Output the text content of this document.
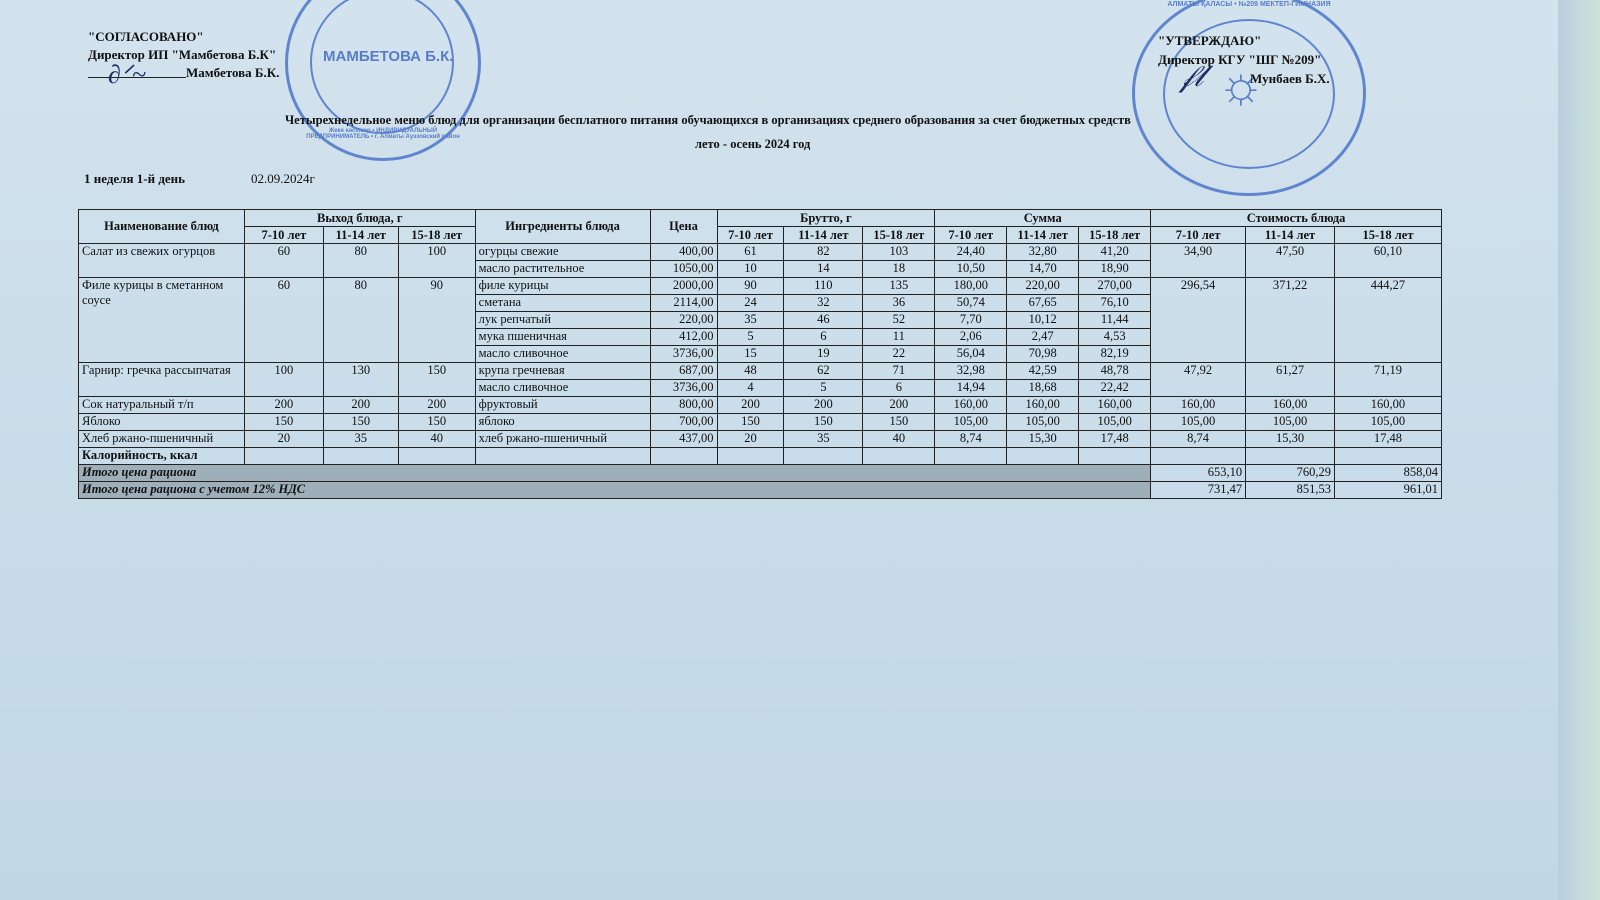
МАМБЕТОВА Б.К.
Жеке кәсіпкер • ИНДИВИДУАЛЬНЫЙ ПРЕДПРИНИМАТЕЛЬ • г. Алматы Ауэзовский район
☼
АЛМАТЫ ҚАЛАСЫ • №209 МЕКТЕП-ГИМНАЗИЯ
"СОГЛАСОВАНО"
Директор ИП "Мамбетова Б.К"
∂ᐟ~	Мамбетова Б.К.
"УТВЕРЖДАЮ"
Директор КГУ "ШГ №209"
𝒻𝓁	Мунбаев Б.Х.
Четырехнедельное меню блюд для организации бесплатного питания обучающихся в организациях среднего образования за счет бюджетных средств
лето - осень 2024 год
1 неделя 1-й день	02.09.2024г
Наименование блюд	Выход блюда, г			Ингредиенты блюда	Цена	Брутто, г			Сумма			Стоимость блюда		
	7-10 лет	11-14 лет	15-18 лет			7-10 лет	11-14 лет	15-18 лет	7-10 лет	11-14 лет	15-18 лет	7-10 лет	11-14 лет	15-18 лет
Салат из свежих огурцов	60	80	100	огурцы свежие	400,00	61	82	103	24,40	32,80	41,20	34,90	47,50	60,10
				масло растительное	1050,00	10	14	18	10,50	14,70	18,90			
Филе курицы в сметанном соусе	60	80	90	филе курицы	2000,00	90	110	135	180,00	220,00	270,00	296,54	371,22	444,27
				сметана	2114,00	24	32	36	50,74	67,65	76,10			
				лук репчатый	220,00	35	46	52	7,70	10,12	11,44			
				мука пшеничная	412,00	5	6	11	2,06	2,47	4,53			
				масло сливочное	3736,00	15	19	22	56,04	70,98	82,19			
Гарнир: гречка рассыпчатая	100	130	150	крупа гречневая	687,00	48	62	71	32,98	42,59	48,78	47,92	61,27	71,19
				масло сливочное	3736,00	4	5	6	14,94	18,68	22,42			
Сок натуральный т/п	200	200	200	фруктовый	800,00	200	200	200	160,00	160,00	160,00	160,00	160,00	160,00
Яблоко	150	150	150	яблоко	700,00	150	150	150	105,00	105,00	105,00	105,00	105,00	105,00
Хлеб ржано-пшеничный	20	35	40	хлеб ржано-пшеничный	437,00	20	35	40	8,74	15,30	17,48	8,74	15,30	17,48
Калорийность, ккал														
Итого цена рациона												653,10	760,29	858,04
Итого цена рациона с учетом 12% НДС												731,47	851,53	961,01
